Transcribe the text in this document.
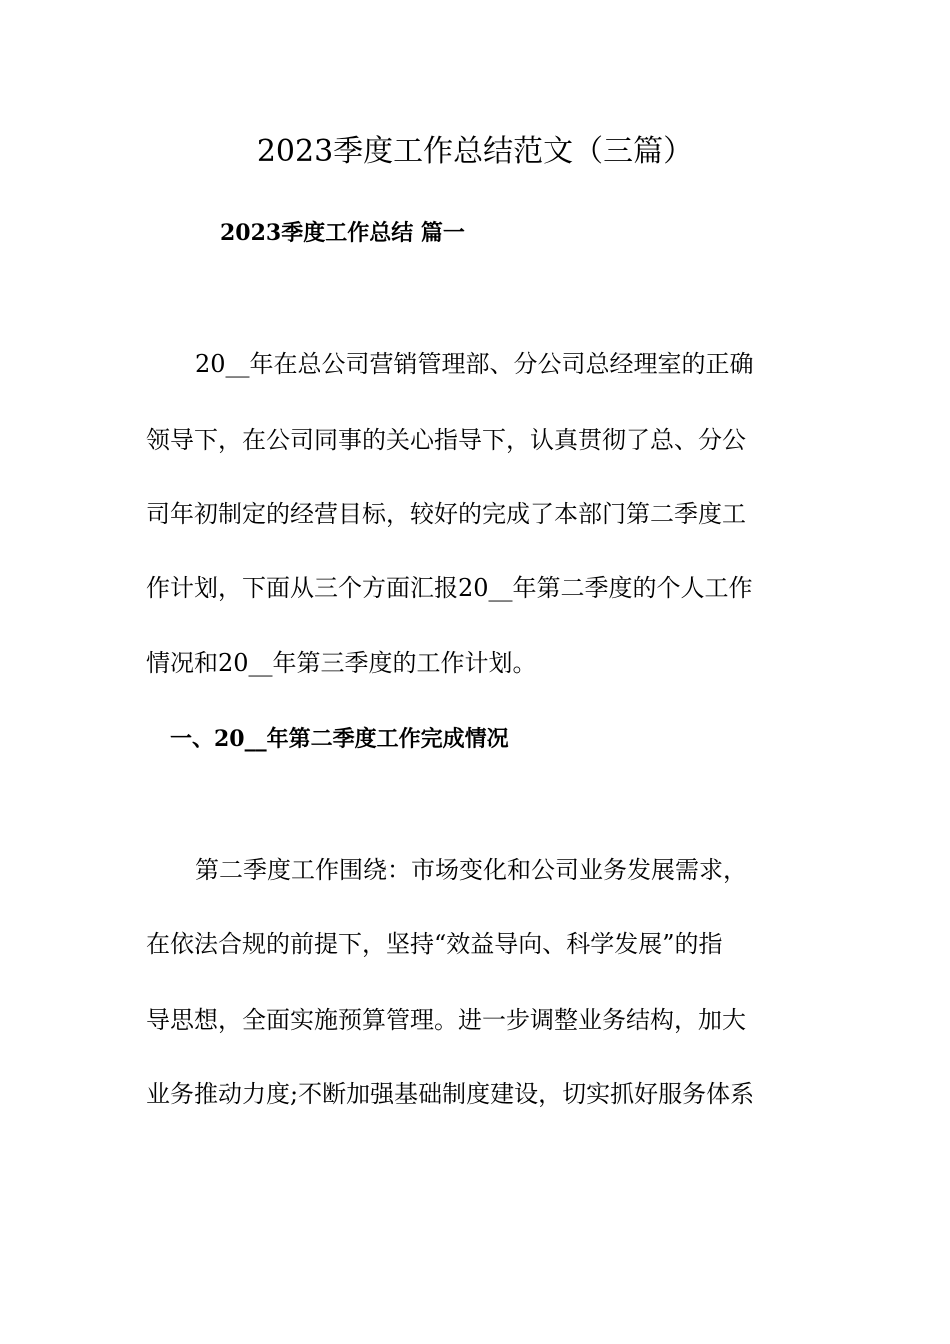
2023季度工作总结范文（三篇）
2023季度工作总结 篇一
20__年在总公司营销管理部、分公司总经理室的正确
领导下，在公司同事的关心指导下，认真贯彻了总、分公
司年初制定的经营目标，较好的完成了本部门第二季度工
作计划，下面从三个方面汇报20__年第二季度的个人工作
情况和20__年第三季度的工作计划。
一、20__年第二季度工作完成情况
第二季度工作围绕：市场变化和公司业务发展需求，
在依法合规的前提下，坚持“效益导向、科学发展”的指
导思想，全面实施预算管理。进一步调整业务结构，加大
业务推动力度;不断加强基础制度建设，切实抓好服务体系
